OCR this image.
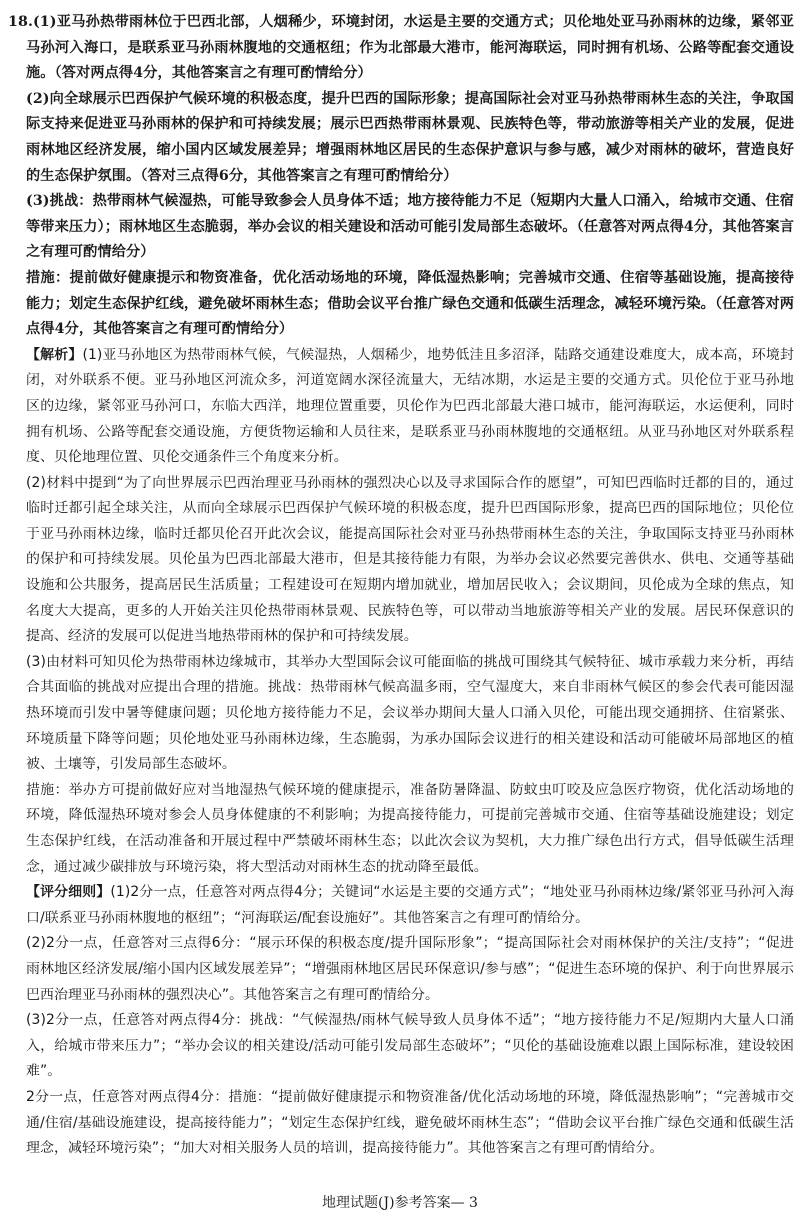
18.(1)亚马孙热带雨林位于巴西北部，人烟稀少，环境封闭，水运是主要的交通方式；贝伦地处亚马孙雨林的边缘，紧邻亚马孙河入海口，是联系亚马孙雨林腹地的交通枢纽；作为北部最大港市，能河海联运，同时拥有机场、公路等配套交通设施。（答对两点得4分，其他答案言之有理可酌情给分）

(2)向全球展示巴西保护气候环境的积极态度，提升巴西的国际形象；提高国际社会对亚马孙热带雨林生态的关注，争取国际支持来促进亚马孙雨林的保护和可持续发展；展示巴西热带雨林景观、民族特色等，带动旅游等相关产业的发展，促进雨林地区经济发展，缩小国内区域发展差异；增强雨林地区居民的生态保护意识与参与感，减少对雨林的破坏，营造良好的生态保护氛围。（答对三点得6分，其他答案言之有理可酌情给分）

(3)挑战：热带雨林气候湿热，可能导致参会人员身体不适；地方接待能力不足（短期内大量人口涌入，给城市交通、住宿等带来压力）；雨林地区生态脆弱，举办会议的相关建设和活动可能引发局部生态破坏。（任意答对两点得4分，其他答案言之有理可酌情给分）

措施：提前做好健康提示和物资准备，优化活动场地的环境，降低湿热影响；完善城市交通、住宿等基础设施，提高接待能力；划定生态保护红线，避免破坏雨林生态；借助会议平台推广绿色交通和低碳生活理念，减轻环境污染。（任意答对两点得4分，其他答案言之有理可酌情给分）

【解析】(1)亚马孙地区为热带雨林气候，气候湿热，人烟稀少，地势低洼且多沼泽，陆路交通建设难度大，成本高，环境封闭，对外联系不便。亚马孙地区河流众多，河道宽阔水深径流量大，无结冰期，水运是主要的交通方式。贝伦位于亚马孙地区的边缘，紧邻亚马孙河口，东临大西洋，地理位置重要，贝伦作为巴西北部最大港口城市，能河海联运，水运便利，同时拥有机场、公路等配套交通设施，方便货物运输和人员往来，是联系亚马孙雨林腹地的交通枢纽。从亚马孙地区对外联系程度、贝伦地理位置、贝伦交通条件三个角度来分析。

(2)材料中提到“为了向世界展示巴西治理亚马孙雨林的强烈决心以及寻求国际合作的愿望”，可知巴西临时迁都的目的，通过临时迁都引起全球关注，从而向全球展示巴西保护气候环境的积极态度，提升巴西国际形象，提高巴西的国际地位；贝伦位于亚马孙雨林边缘，临时迁都贝伦召开此次会议，能提高国际社会对亚马孙热带雨林生态的关注，争取国际支持亚马孙雨林的保护和可持续发展。贝伦虽为巴西北部最大港市，但是其接待能力有限，为举办会议必然要完善供水、供电、交通等基础设施和公共服务，提高居民生活质量；工程建设可在短期内增加就业，增加居民收入；会议期间，贝伦成为全球的焦点，知名度大大提高，更多的人开始关注贝伦热带雨林景观、民族特色等，可以带动当地旅游等相关产业的发展。居民环保意识的提高、经济的发展可以促进当地热带雨林的保护和可持续发展。

(3)由材料可知贝伦为热带雨林边缘城市，其举办大型国际会议可能面临的挑战可围绕其气候特征、城市承载力来分析，再结合其面临的挑战对应提出合理的措施。挑战：热带雨林气候高温多雨，空气湿度大，来自非雨林气候区的参会代表可能因湿热环境而引发中暑等健康问题；贝伦地方接待能力不足，会议举办期间大量人口涌入贝伦，可能出现交通拥挤、住宿紧张、环境质量下降等问题；贝伦地处亚马孙雨林边缘，生态脆弱，为承办国际会议进行的相关建设和活动可能破坏局部地区的植被、土壤等，引发局部生态破坏。

措施：举办方可提前做好应对当地湿热气候环境的健康提示，准备防暑降温、防蚊虫叮咬及应急医疗物资，优化活动场地的环境，降低湿热环境对参会人员身体健康的不利影响；为提高接待能力，可提前完善城市交通、住宿等基础设施建设；划定生态保护红线，在活动准备和开展过程中严禁破坏雨林生态；以此次会议为契机，大力推广绿色出行方式，倡导低碳生活理念，通过减少碳排放与环境污染，将大型活动对雨林生态的扰动降至最低。

【评分细则】(1)2分一点，任意答对两点得4分；关键词“水运是主要的交通方式”；“地处亚马孙雨林边缘/紧邻亚马孙河入海口/联系亚马孙雨林腹地的枢纽”；“河海联运/配套设施好”。其他答案言之有理可酌情给分。

(2)2分一点，任意答对三点得6分：“展示环保的积极态度/提升国际形象”；“提高国际社会对雨林保护的关注/支持”；“促进雨林地区经济发展/缩小国内区域发展差异”；“增强雨林地区居民环保意识/参与感”；“促进生态环境的保护、利于向世界展示巴西治理亚马孙雨林的强烈决心”。其他答案言之有理可酌情给分。

(3)2分一点，任意答对两点得4分：挑战：“气候湿热/雨林气候导致人员身体不适”；“地方接待能力不足/短期内大量人口涌入，给城市带来压力”；“举办会议的相关建设/活动可能引发局部生态破坏”；“贝伦的基础设施难以跟上国际标准，建设较困难”。

2分一点，任意答对两点得4分：措施：“提前做好健康提示和物资准备/优化活动场地的环境，降低湿热影响”；“完善城市交通/住宿/基础设施建设，提高接待能力”；“划定生态保护红线，避免破坏雨林生态”；“借助会议平台推广绿色交通和低碳生活理念，减轻环境污染”；“加大对相关服务人员的培训，提高接待能力”。其他答案言之有理可酌情给分。

地理试题(J)参考答案— 3
